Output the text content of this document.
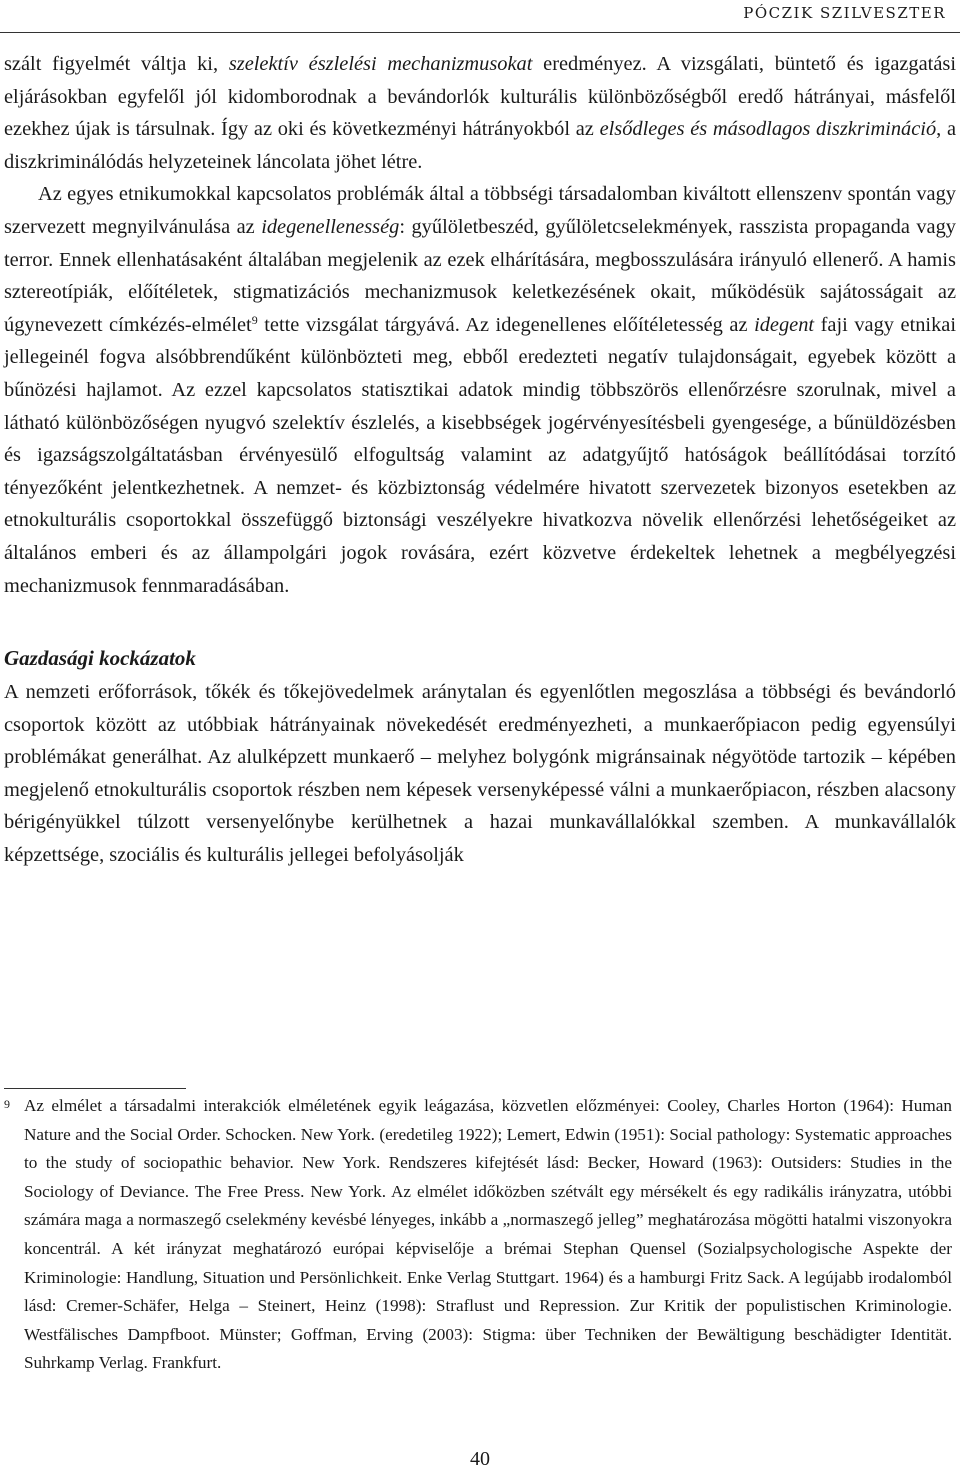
PÓCZIK SZILVESZTER

szált figyelmét váltja ki, szelektív észlelési mechanizmusokat eredményez. A vizsgálati, büntető és igazgatási eljárásokban egyfelől jól kidomborodnak a bevándorlók kulturális különbözőségből eredő hátrányai, másfelől ezekhez újak is társulnak. Így az oki és következményi hátrányokból az elsődleges és másodlagos diszkrimináció, a diszkriminálódás helyzeteinek láncolata jöhet létre.

Az egyes etnikumokkal kapcsolatos problémák által a többségi társadalomban kiváltott ellenszenv spontán vagy szervezett megnyilvánulása az idegenellenesség: gyűlöletbeszéd, gyűlöletcselekmények, rasszista propaganda vagy terror. Ennek ellenhatásaként általában megjelenik az ezek elhárítására, megbosszulására irányuló ellenerő. A hamis sztereotípiák, előítéletek, stigmatizációs mechanizmusok keletkezésének okait, működésük sajátosságait az úgynevezett címkézés-elmélet$^9$ tette vizsgálat tárgyává. Az idegenellenes előítéletesség az idegent faji vagy etnikai jellegeinél fogva alsóbbrendűként különbözteti meg, ebből eredezteti negatív tulajdonságait, egyebek között a bűnözési hajlamot. Az ezzel kapcsolatos statisztikai adatok mindig többszörös ellenőrzésre szorulnak, mivel a látható különbözőségen nyugvó szelektív észlelés, a kisebbségek jogérvényesítésbeli gyengesége, a bűnüldözésben és igazságszolgáltatásban érvényesülő elfogultság valamint az adatgyűjtő hatóságok beállítódásai torzító tényezőként jelentkezhetnek. A nemzet- és közbiztonság védelmére hivatott szervezetek bizonyos esetekben az etnokulturális csoportokkal összefüggő biztonsági veszélyekre hivatkozva növelik ellenőrzési lehetőségeiket az általános emberi és az állampolgári jogok rovására, ezért közvetve érdekeltek lehetnek a megbélyegzési mechanizmusok fennmaradásában.

Gazdasági kockázatok

A nemzeti erőforrások, tőkék és tőkejövedelmek aránytalan és egyenlőtlen megoszlása a többségi és bevándorló csoportok között az utóbbiak hátrányainak növekedését eredményezheti, a munkaerőpiacon pedig egyensúlyi problémákat generálhat. Az alulképzett munkaerő – melyhez bolygónk migránsainak négyötöde tartozik – képében megjelenő etnokulturális csoportok részben nem képesek versenyképessé válni a munkaerőpiacon, részben alacsony bérigényükkel túlzott versenyelőnybe kerülhetnek a hazai munkavállalókkal szemben. A munkavállalók képzettsége, szociális és kulturális jellegei befolyásolják

9 Az elmélet a társadalmi interakciók elméletének egyik leágazása, közvetlen előzményei: Cooley, Charles Horton (1964): Human Nature and the Social Order. Schocken. New York. (eredetileg 1922); Lemert, Edwin (1951): Social pathology: Systematic approaches to the study of sociopathic behavior. New York. Rendszeres kifejtését lásd: Becker, Howard (1963): Outsiders: Studies in the Sociology of Deviance. The Free Press. New York. Az elmélet időközben szétvált egy mérsékelt és egy radikális irányzatra, utóbbi számára maga a normaszegő cselekmény kevésbé lényeges, inkább a „normaszegő jelleg” meghatározása mögötti hatalmi viszonyokra koncentrál. A két irányzat meghatározó európai képviselője a brémai Stephan Quensel (Sozialpsychologische Aspekte der Kriminologie: Handlung, Situation und Persönlichkeit. Enke Verlag Stuttgart. 1964) és a hamburgi Fritz Sack. A legújabb irodalomból lásd: Cremer-Schäfer, Helga – Steinert, Heinz (1998): Straflust und Repression. Zur Kritik der populistischen Kriminologie. Westfälisches Dampfboot. Münster; Goffman, Erving (2003): Stigma: über Techniken der Bewältigung beschädigter Identität. Suhrkamp Verlag. Frankfurt.

40
